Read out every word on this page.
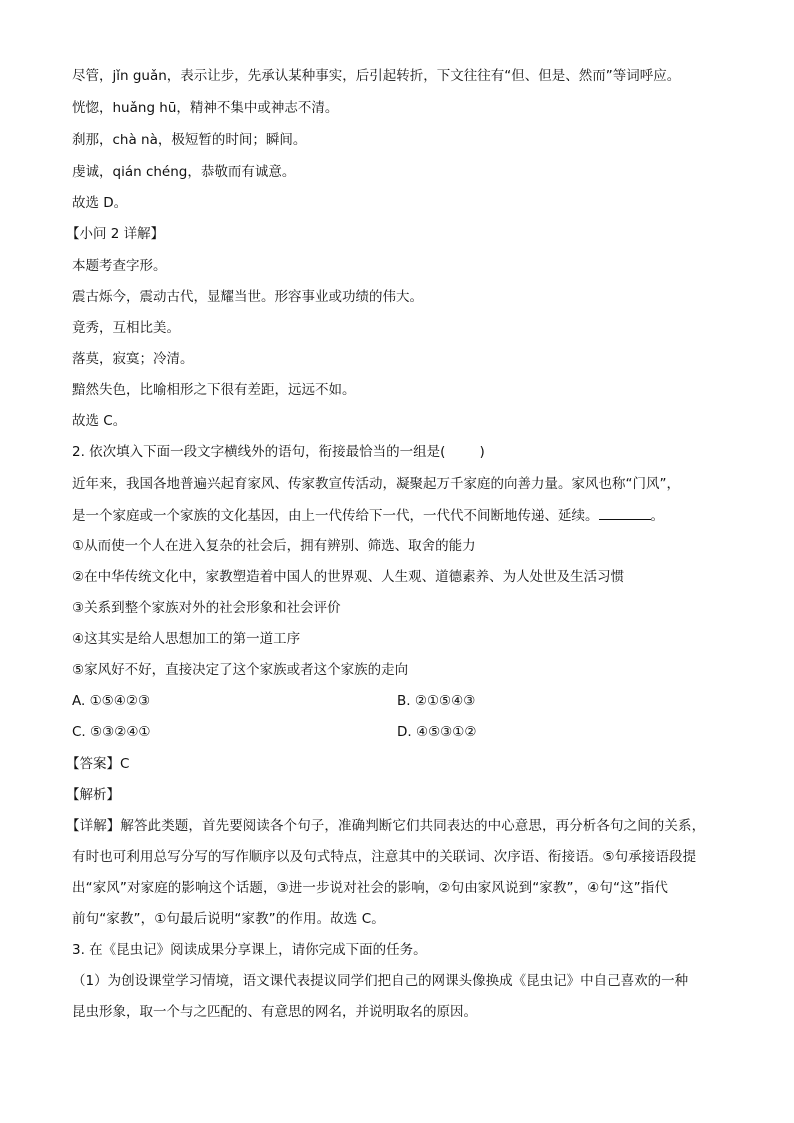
尽管，jǐn guǎn，表示让步，先承认某种事实，后引起转折，下文往往有“但、但是、然而”等词呼应。
恍惚，huǎng hū，精神不集中或神志不清。
刹那，chà nà，极短暂的时间；瞬间。
虔诚，qián chéng，恭敬而有诚意。
故选 D。
【小问 2 详解】
本题考查字形。
震古烁今，震动古代，显耀当世。形容事业或功绩的伟大。
竟秀，互相比美。
落莫，寂寞；冷清。
黯然失色，比喻相形之下很有差距，远远不如。
故选 C。
2. 依次填入下面一段文字横线外的语句，衔接最恰当的一组是(	)
近年来，我国各地普遍兴起育家风、传家教宣传活动，凝聚起万千家庭的向善力量。家风也称“门风”，
是一个家庭或一个家族的文化基因，由上一代传给下一代，一代代不间断地传递、延续。	。
①从而使一个人在进入复杂的社会后，拥有辨别、筛选、取舍的能力
②在中华传统文化中，家教塑造着中国人的世界观、人生观、道德素养、为人处世及生活习惯
③关系到整个家族对外的社会形象和社会评价
④这其实是给人思想加工的第一道工序
⑤家风好不好，直接决定了这个家族或者这个家族的走向
A. ①⑤④②③	B. ②①⑤④③
C. ⑤③②④①	D. ④⑤③①②
【答案】C
【解析】
【详解】解答此类题，首先要阅读各个句子，准确判断它们共同表达的中心意思，再分析各句之间的关系，
有时也可利用总写分写的写作顺序以及句式特点，注意其中的关联词、次序语、衔接语。⑤句承接语段提
出“家风”对家庭的影响这个话题，③进一步说对社会的影响，②句由家风说到“家教”，④句“这”指代
前句“家教”，①句最后说明“家教”的作用。故选 C。
3. 在《昆虫记》阅读成果分享课上，请你完成下面的任务。
（1）为创设课堂学习情境，语文课代表提议同学们把自己的网课头像换成《昆虫记》中自己喜欢的一种
昆虫形象，取一个与之匹配的、有意思的网名，并说明取名的原因。
